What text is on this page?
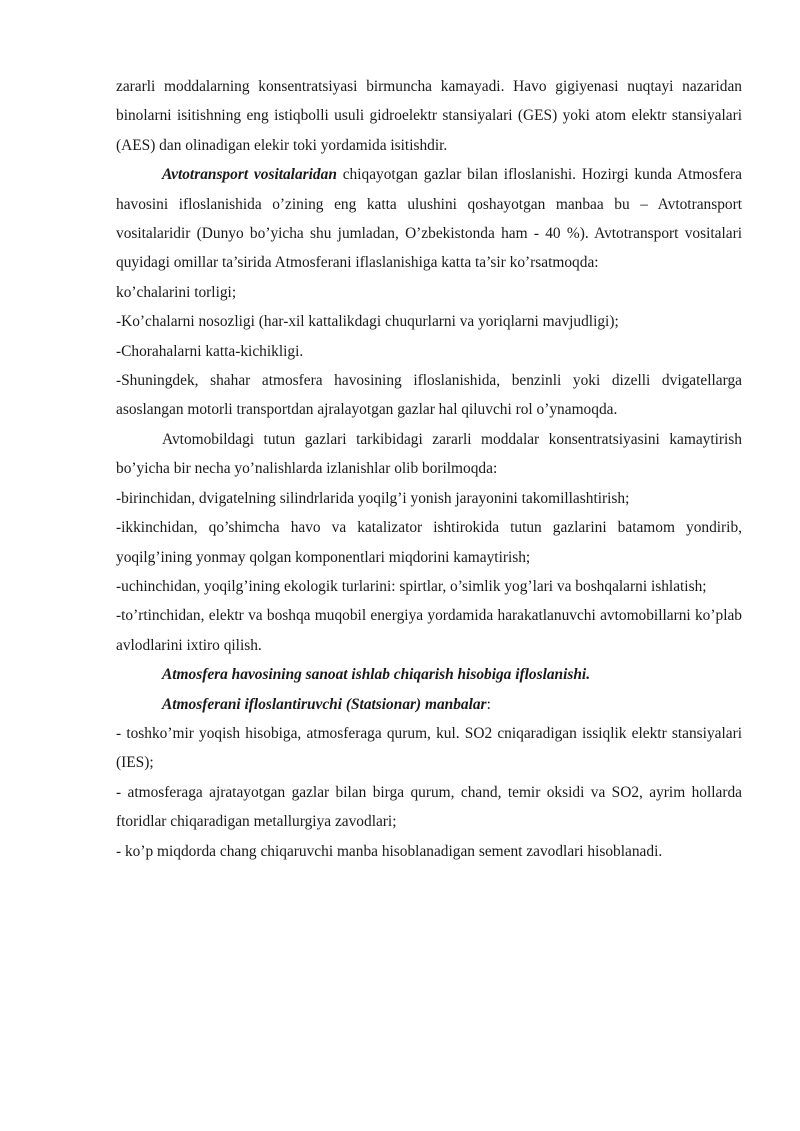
zararli moddalarning konsentratsiyasi birmuncha kamayadi. Havo gigiyenasi nuqtayi nazaridan binolarni isitishning eng istiqbolli usuli gidroelektr stansiyalari (GES) yoki atom elektr stansiyalari (AES) dan olinadigan elekir toki yordamida isitishdir.

Avtotransport vositalaridan chiqayotgan gazlar bilan ifloslanishi. Hozirgi kunda Atmosfera havosini ifloslanishida o’zining eng katta ulushini qoshayotgan manbaa bu – Avtotransport vositalaridir (Dunyo bo’yicha shu jumladan, O’zbekistonda ham - 40 %). Avtotransport vositalari quyidagi omillar ta’sirida Atmosferani iflaslanishiga katta ta’sir ko’rsatmoqda:

ko’chalarini torligi;

-Ko’chalarni nosozligi (har-xil kattalikdagi chuqurlarni va yoriqlarni mavjudligi);

-Chorahalarni katta-kichikligi.

-Shuningdek, shahar atmosfera havosining ifloslanishida, benzinli yoki dizelli dvigatellarga asoslangan motorli transportdan ajralayotgan gazlar hal qiluvchi rol o’ynamoqda.

Avtomobildagi tutun gazlari tarkibidagi zararli moddalar konsentratsiyasini kamaytirish bo’yicha bir necha yo’nalishlarda izlanishlar olib borilmoqda:

-birinchidan, dvigatelning silindrlarida yoqilg’i yonish jarayonini takomillashtirish;

-ikkinchidan, qo’shimcha havo va katalizator ishtirokida tutun gazlarini batamom yondirib, yoqilg’ining yonmay qolgan komponentlari miqdorini kamaytirish;

-uchinchidan, yoqilg’ining ekologik turlarini: spirtlar, o’simlik yog’lari va boshqalarni ishlatish;

-to’rtinchidan, elektr va boshqa muqobil energiya yordamida harakatlanuvchi avtomobillarni ko’plab avlodlarini ixtiro qilish.

Atmosfera havosining sanoat ishlab chiqarish hisobiga ifloslanishi.

Atmosferani ifloslantiruvchi (Statsionar) manbalar:

- toshko’mir yoqish hisobiga, atmosferaga qurum, kul. SO2 cniqaradigan issiqlik elektr stansiyalari (IES);

- atmosferaga ajratayotgan gazlar bilan birga qurum, chand, temir oksidi va SO2, ayrim hollarda ftoridlar chiqaradigan metallurgiya zavodlari;

- ko’p miqdorda chang chiqaruvchi manba hisoblanadigan sement zavodlari hisoblanadi.
